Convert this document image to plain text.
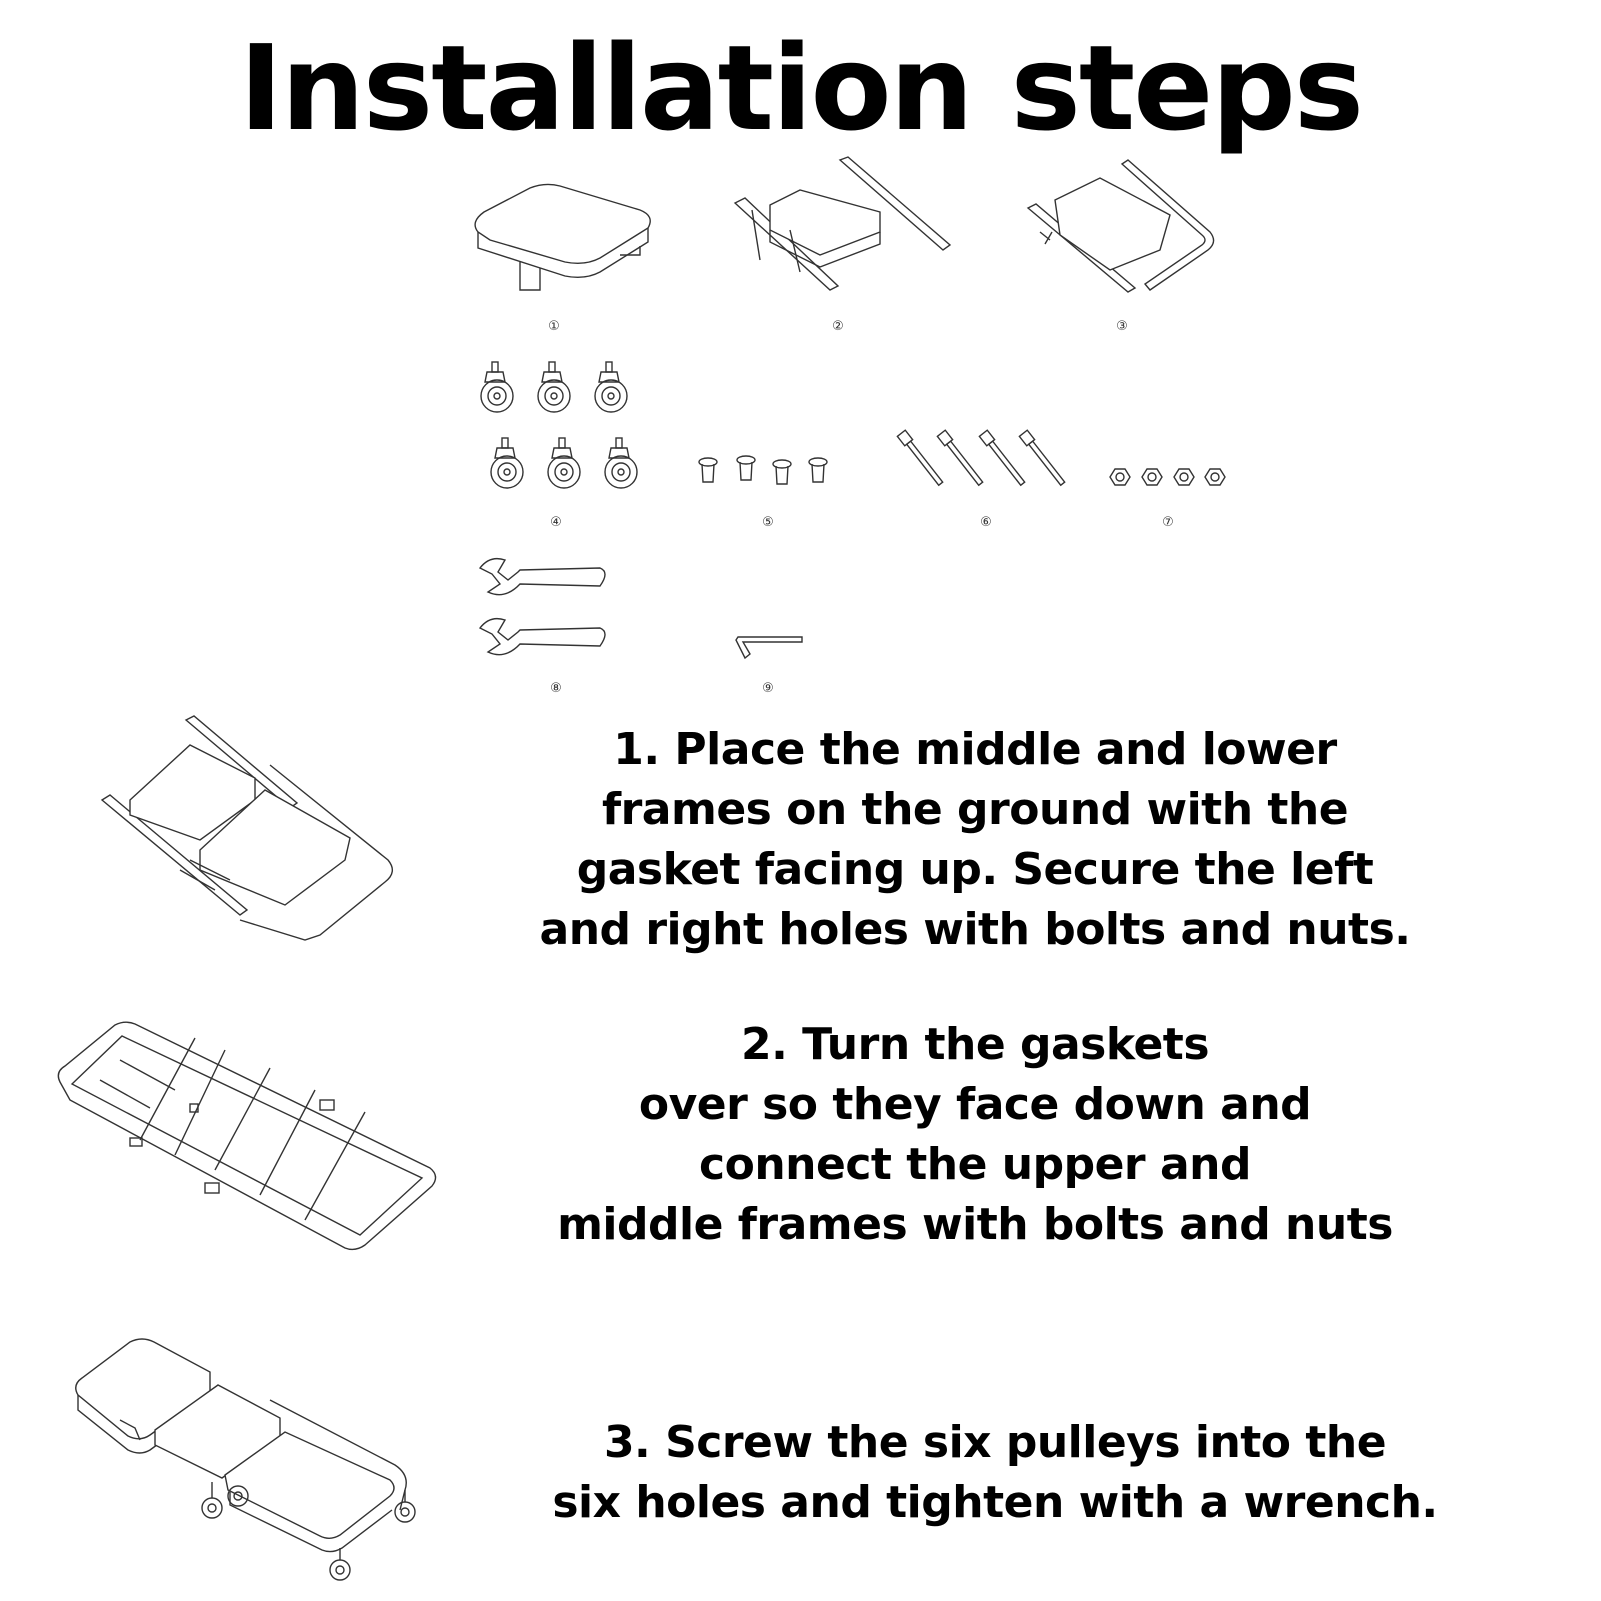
Installation steps
①	②	③
④	⑤	⑥	⑦
⑧	⑨
1. Place the middle and lower
frames on the ground with the
gasket facing up. Secure the left
and right holes with bolts and nuts.
2. Turn the gaskets
over so they face down and
connect the upper and
middle frames with bolts and nuts
3. Screw the six pulleys into the
six holes and tighten with a wrench.
